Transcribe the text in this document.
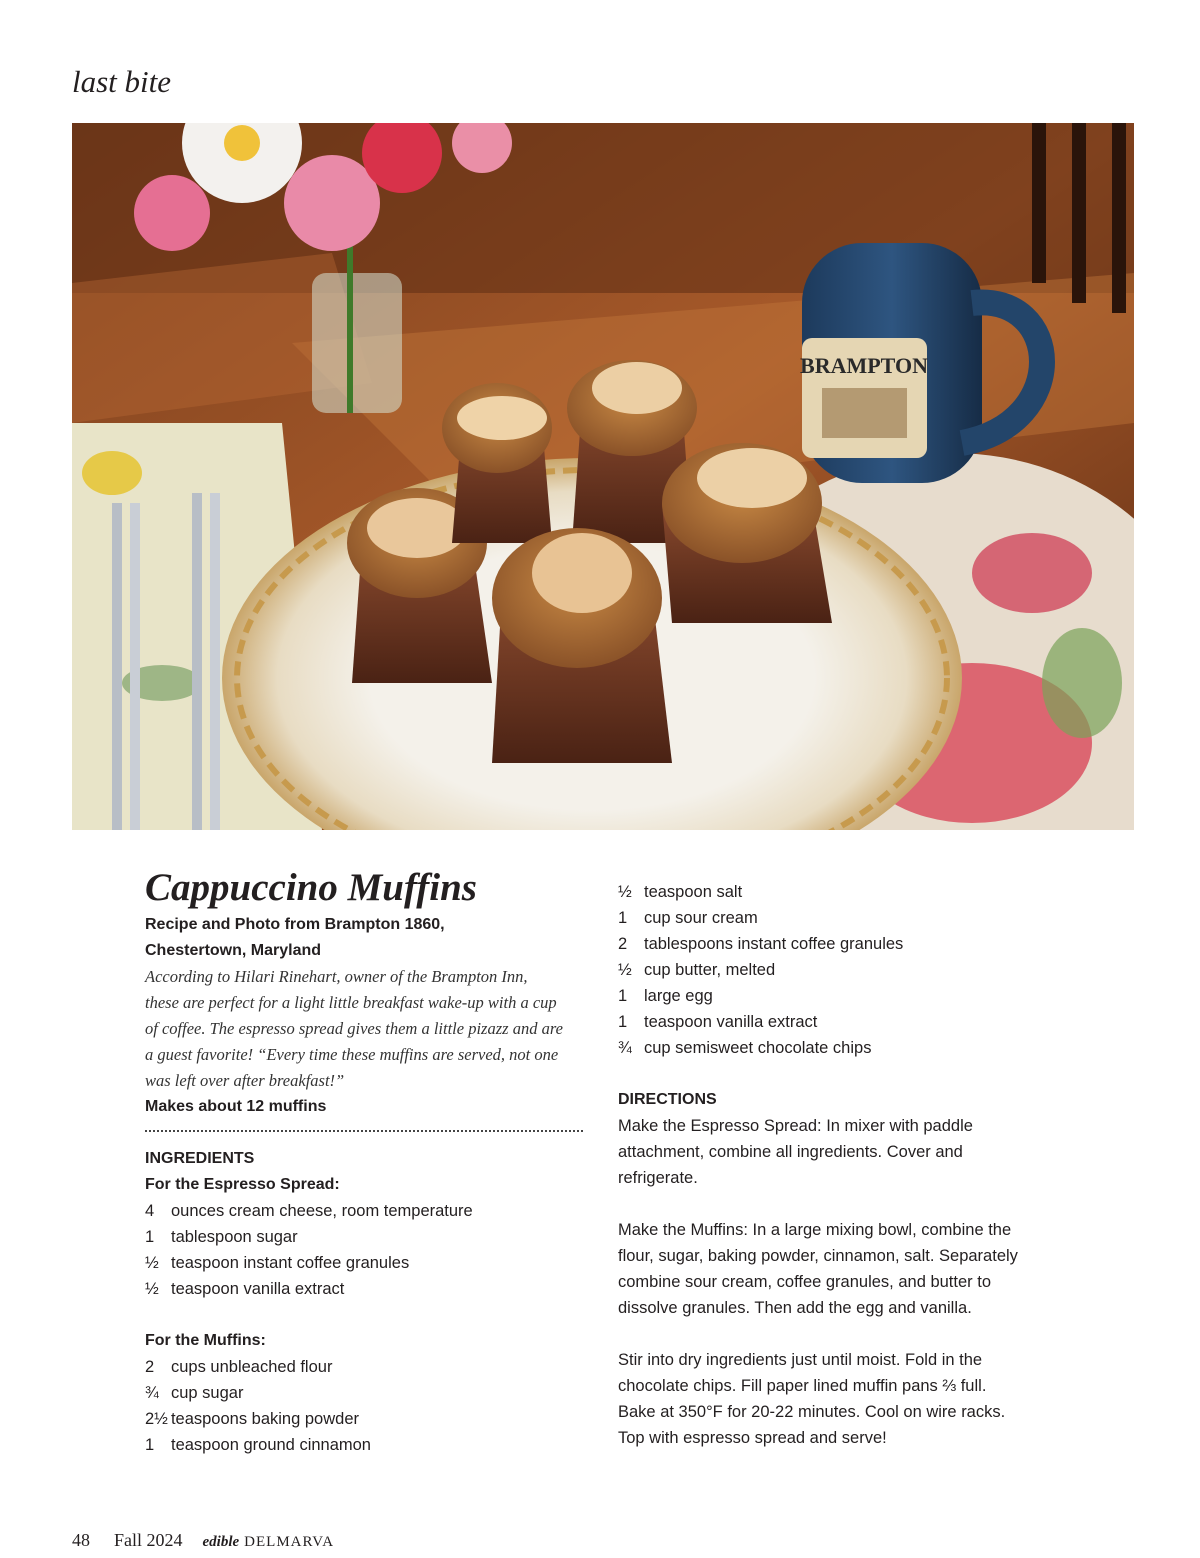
last bite
BRAMPTON
Cappuccino Muffins
Recipe and Photo from Brampton 1860,
Chestertown, Maryland
According to Hilari Rinehart, owner of the Brampton Inn,
these are perfect for a light little breakfast wake-up with a cup
of coffee. The espresso spread gives them a little pizazz and are
a guest favorite! “Every time these muffins are served, not one
was left over after breakfast!”
Makes about 12 muffins
INGREDIENTS
For the Espresso Spread:
4	ounces cream cheese, room temperature
1	tablespoon sugar
½ teaspoon instant coffee granules
½ teaspoon vanilla extract
For the Muffins:
2	cups unbleached flour
¾ cup sugar
2½ teaspoons baking powder
1	teaspoon ground cinnamon
½ teaspoon salt
1	cup sour cream
2	tablespoons instant coffee granules
½ cup butter, melted
1	large egg
1	teaspoon vanilla extract
¾ cup semisweet chocolate chips
DIRECTIONS
Make the Espresso Spread: In mixer with paddle
attachment, combine all ingredients. Cover and
refrigerate.
Make the Muffins: In a large mixing bowl, combine the
flour, sugar, baking powder, cinnamon, salt. Separately
combine sour cream, coffee granules, and butter to
dissolve granules. Then add the egg and vanilla.
Stir into dry ingredients just until moist. Fold in the
chocolate chips. Fill paper lined muffin pans ⅔ full.
Bake at 350°F for 20-22 minutes. Cool on wire racks.
Top with espresso spread and serve!
48 Fall 2024 edible DELMARVA
